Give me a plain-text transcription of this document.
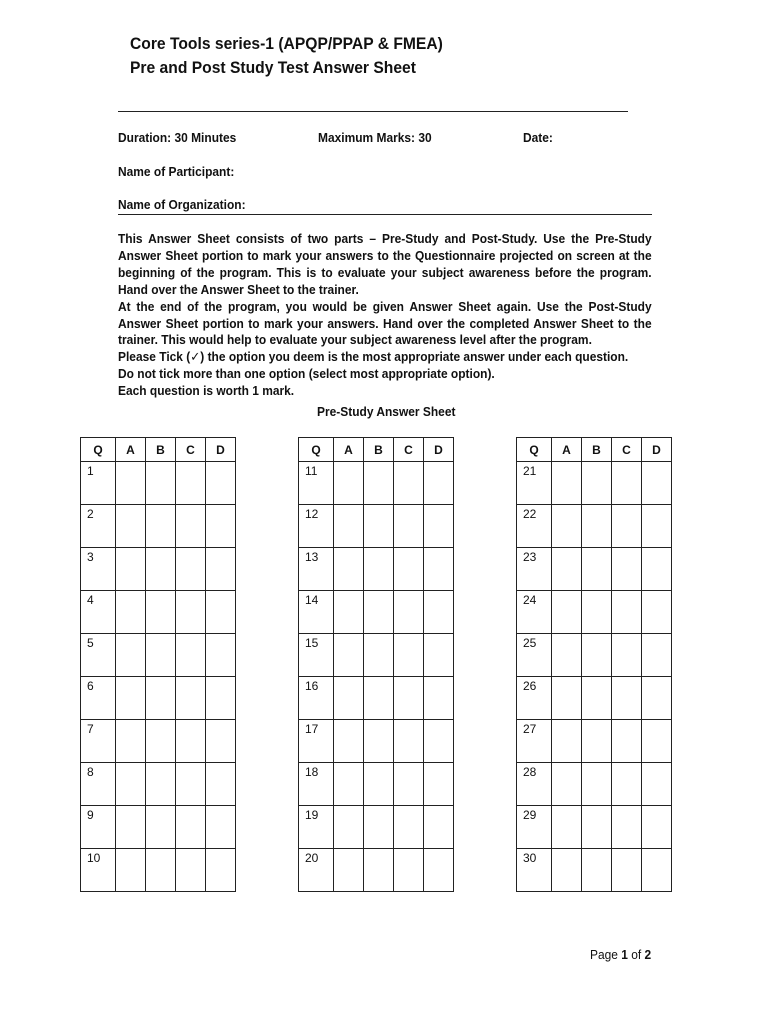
Core Tools series-1 (APQP/PPAP & FMEA)
Pre and Post Study Test Answer Sheet
Duration: 30 Minutes	Maximum Marks: 30	Date:
Name of Participant:
Name of Organization:

This Answer Sheet consists of two parts – Pre-Study and Post-Study. Use the Pre-Study Answer Sheet portion to mark your answers to the Questionnaire projected on screen at the beginning of the program. This is to evaluate your subject awareness before the program. Hand over the Answer Sheet to the trainer.

At the end of the program, you would be given Answer Sheet again. Use the Post-Study Answer Sheet portion to mark your answers. Hand over the completed Answer Sheet to the trainer. This would help to evaluate your subject awareness level after the program.

Please Tick (✓) the option you deem is the most appropriate answer under each question.

Do not tick more than one option (select most appropriate option).

Each question is worth 1 mark.

Pre-Study Answer Sheet
Q	A	B	C	D
1				
2				
3				
4				
5				
6				
7				
8				
9				
10				
Q	A	B	C	D
11				
12				
13				
14				
15				
16				
17				
18				
19				
20				
Q	A	B	C	D
21				
22				
23				
24				
25				
26				
27				
28				
29				
30				
Page 1 of 2
